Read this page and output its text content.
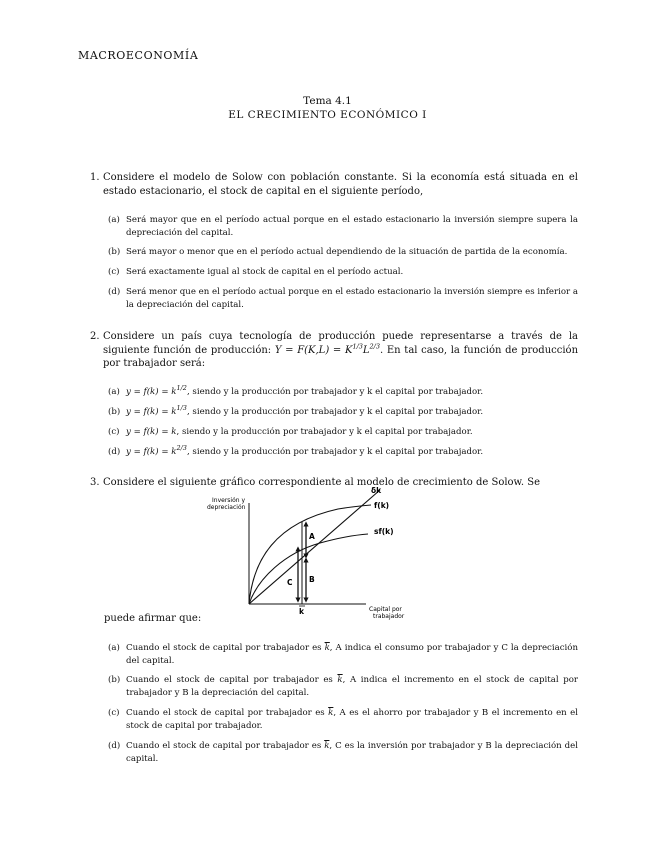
MACROECONOMÍA
Tema 4.1
EL CRECIMIENTO ECONÓMICO I
1. Considere el modelo de Solow con población constante. Si la economía está situada en el estado estacionario, el stock de capital en el siguiente período,
(a) Será mayor que en el período actual porque en el estado estacionario la inversión siempre supera la depreciación del capital.
(b) Será mayor o menor que en el período actual dependiendo de la situación de partida de la economía.
(c) Será exactamente igual al stock de capital en el período actual.
(d) Será menor que en el período actual porque en el estado estacionario la inversión siempre es inferior a la depreciación del capital.
2. Considere un país cuya tecnología de producción puede representarse a través de la siguiente función de producción: $Y = F(K,L) = K^{1/3}L^{2/3}$. En tal caso, la función de producción por trabajador será:
(a) $y = f(k) = k^{1/2}$, siendo y la producción por trabajador y k el capital por trabajador.
(b) $y = f(k) = k^{1/3}$, siendo y la producción por trabajador y k el capital por trabajador.
(c) y = f(k) = k, siendo y la producción por trabajador y k el capital por trabajador.
(d) $y = f(k) = k^{2/3}$, siendo y la producción por trabajador y k el capital por trabajador.
3. Considere el siguiente gráfico correspondiente al modelo de crecimiento de Solow. Se
Inversión y
depreciación
Capital por
trabajador
δk
f(k)
sf(k)
A
B
C
k
puede afirmar que:
(a) Cuando el stock de capital por trabajador es $\overline{k}$, A indica el consumo por trabajador y C la depreciación del capital.
(b) Cuando el stock de capital por trabajador es $\overline{k}$, A indica el incremento en el stock de capital por trabajador y B la depreciación del capital.
(c) Cuando el stock de capital por trabajador es $\overline{k}$, A es el ahorro por trabajador y B el incremento en el stock de capital por trabajador.
(d) Cuando el stock de capital por trabajador es $\overline{k}$, C es la inversión por trabajador y B la depreciación del capital.
